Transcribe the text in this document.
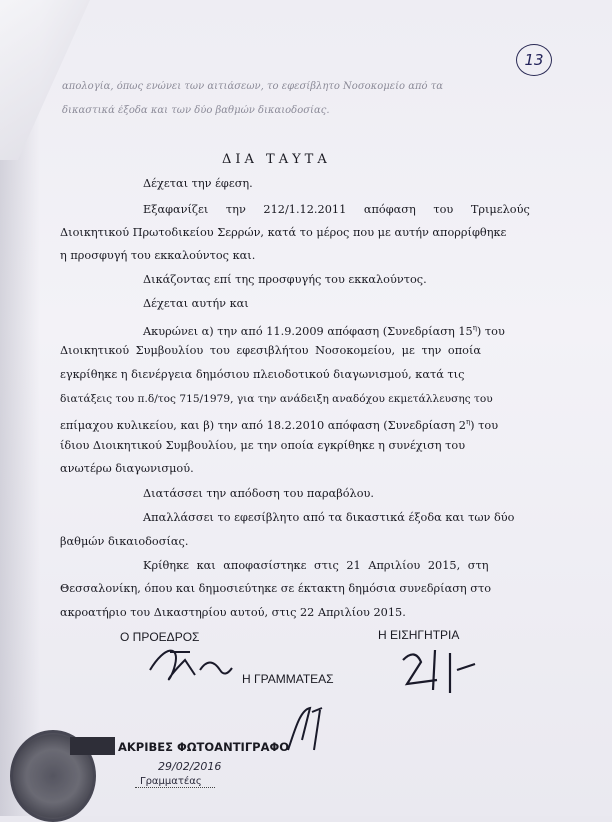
13
απολογία, όπως ενώνει των αιτιάσεων, το εφεσίβλητο Νοσοκομείο από τα
δικαστικά έξοδα και των δύο βαθμών δικαιοδοσίας.
ΔΙΑ ΤΑΥΤΑ
Δέχεται την έφεση.
Εξαφανίζει την 212/1.12.2011 απόφαση του Τριμελούς
Διοικητικού Πρωτοδικείου Σερρών, κατά το μέρος που με αυτήν απορρίφθηκε
η προσφυγή του εκκαλούντος και.
Δικάζοντας επί της προσφυγής του εκκαλούντος.
Δέχεται αυτήν και
Ακυρώνει α) την από 11.9.2009 απόφαση (Συνεδρίαση $15^\eta$) του
Διοικητικού Συμβουλίου του εφεσιβλήτου Νοσοκομείου, με την οποία
εγκρίθηκε η διενέργεια δημόσιου πλειοδοτικού διαγωνισμού, κατά τις
διατάξεις του π.δ/τος 715/1979, για την ανάδειξη αναδόχου εκμετάλλευσης του
επίμαχου κυλικείου, και β) την από 18.2.2010 απόφαση (Συνεδρίαση $2^\eta$) του
ίδιου Διοικητικού Συμβουλίου, με την οποία εγκρίθηκε η συνέχιση του
ανωτέρω διαγωνισμού.
Διατάσσει την απόδοση του παραβόλου.
Απαλλάσσει το εφεσίβλητο από τα δικαστικά έξοδα και των δύο
βαθμών δικαιοδοσίας.
Κρίθηκε και αποφασίστηκε στις 21 Απριλίου 2015, στη
Θεσσαλονίκη, όπου και δημοσιεύτηκε σε έκτακτη δημόσια συνεδρίαση στο
ακροατήριο του Δικαστηρίου αυτού, στις 22 Απριλίου 2015.
Ο ΠΡΟΕΔΡΟΣ	Η ΕΙΣΗΓΗΤΡΙΑ
Η ΓΡΑΜΜΑΤΕΑΣ
ΑΚΡΙΒΕΣ ΦΩΤΟΑΝΤΙΓΡΑΦΟ
29/02/2016
Γραμματέας
